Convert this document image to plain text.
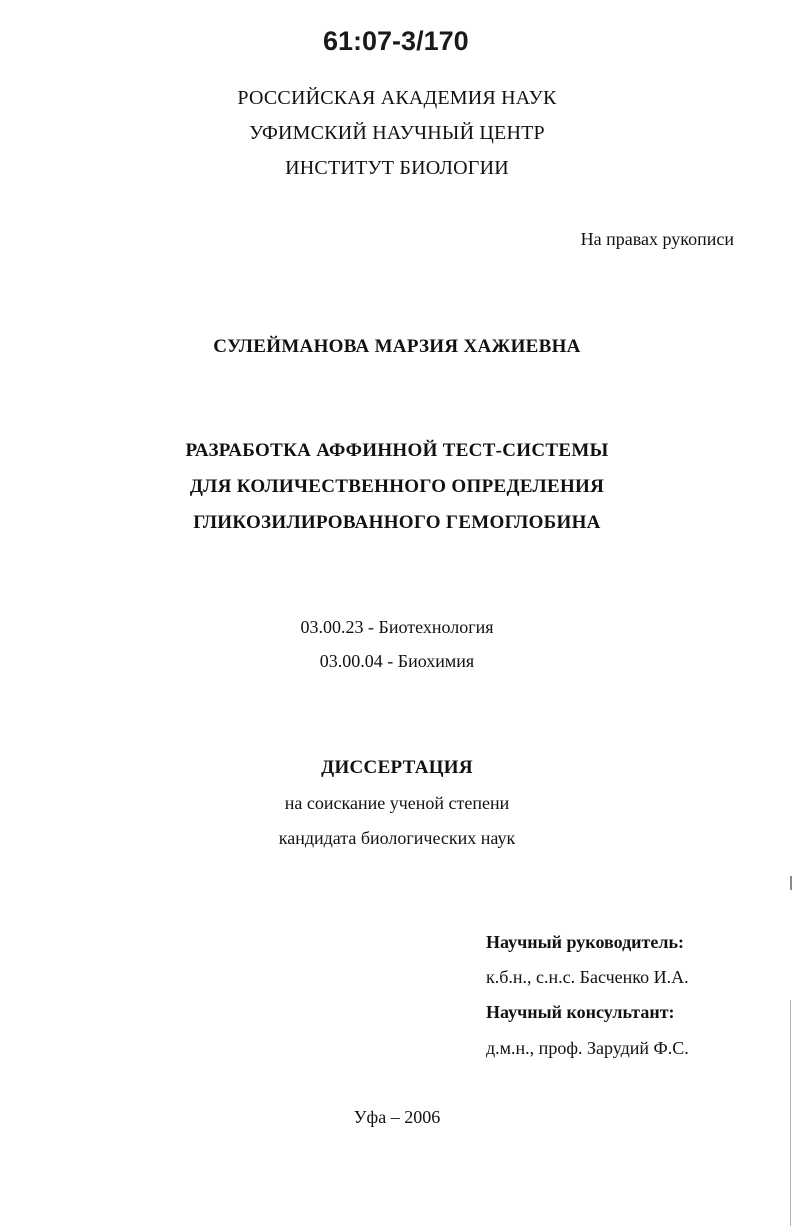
61:07-3/170
РОССИЙСКАЯ АКАДЕМИЯ НАУК
УФИМСКИЙ НАУЧНЫЙ ЦЕНТР
ИНСТИТУТ БИОЛОГИИ
На правах рукописи
СУЛЕЙМАНОВА МАРЗИЯ ХАЖИЕВНА
РАЗРАБОТКА АФФИННОЙ ТЕСТ-СИСТЕМЫ
ДЛЯ КОЛИЧЕСТВЕННОГО ОПРЕДЕЛЕНИЯ
ГЛИКОЗИЛИРОВАННОГО ГЕМОГЛОБИНА
03.00.23 - Биотехнология
03.00.04 - Биохимия
ДИССЕРТАЦИЯ
на соискание ученой степени
кандидата биологических наук
Научный руководитель:
к.б.н., с.н.с. Басченко И.А.
Научный консультант:
д.м.н., проф. Зарудий Ф.С.
Уфа – 2006
